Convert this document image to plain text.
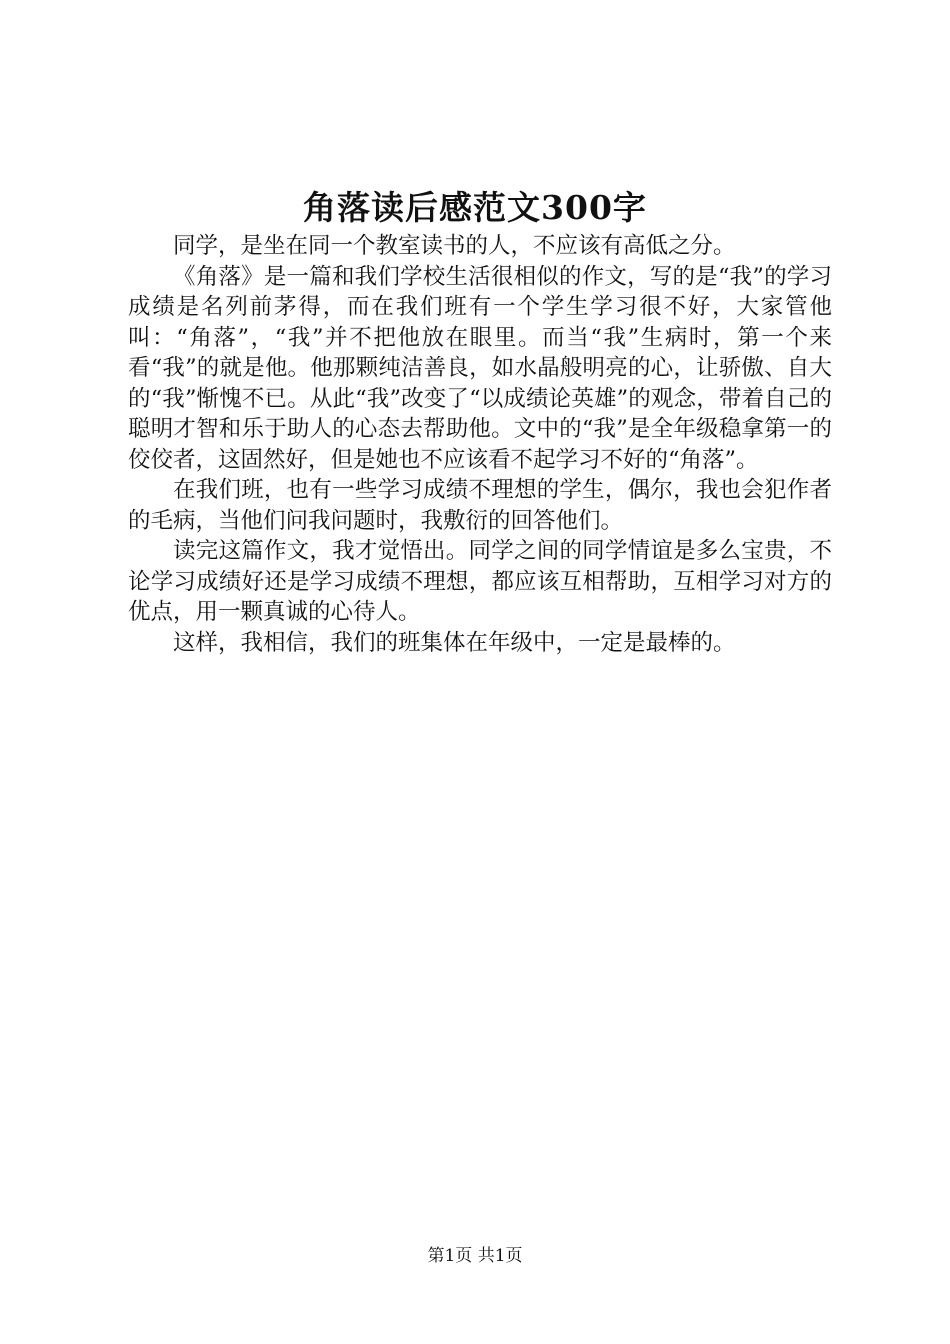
角落读后感范文300字

同学，是坐在同一个教室读书的人，不应该有高低之分。

《角落》是一篇和我们学校生活很相似的作文，写的是“我”的学习成绩是名列前茅得，而在我们班有一个学生学习很不好，大家管他叫：“角落”，“我”并不把他放在眼里。而当“我”生病时，第一个来看“我”的就是他。他那颗纯洁善良，如水晶般明亮的心，让骄傲、自大的“我”惭愧不已。从此“我”改变了“以成绩论英雄”的观念，带着自己的聪明才智和乐于助人的心态去帮助他。文中的“我”是全年级稳拿第一的佼佼者，这固然好，但是她也不应该看不起学习不好的“角落”。

在我们班，也有一些学习成绩不理想的学生，偶尔，我也会犯作者的毛病，当他们问我问题时，我敷衍的回答他们。

读完这篇作文，我才觉悟出。同学之间的同学情谊是多么宝贵，不论学习成绩好还是学习成绩不理想，都应该互相帮助，互相学习对方的优点，用一颗真诚的心待人。

这样，我相信，我们的班集体在年级中，一定是最棒的。

第1页 共1页
